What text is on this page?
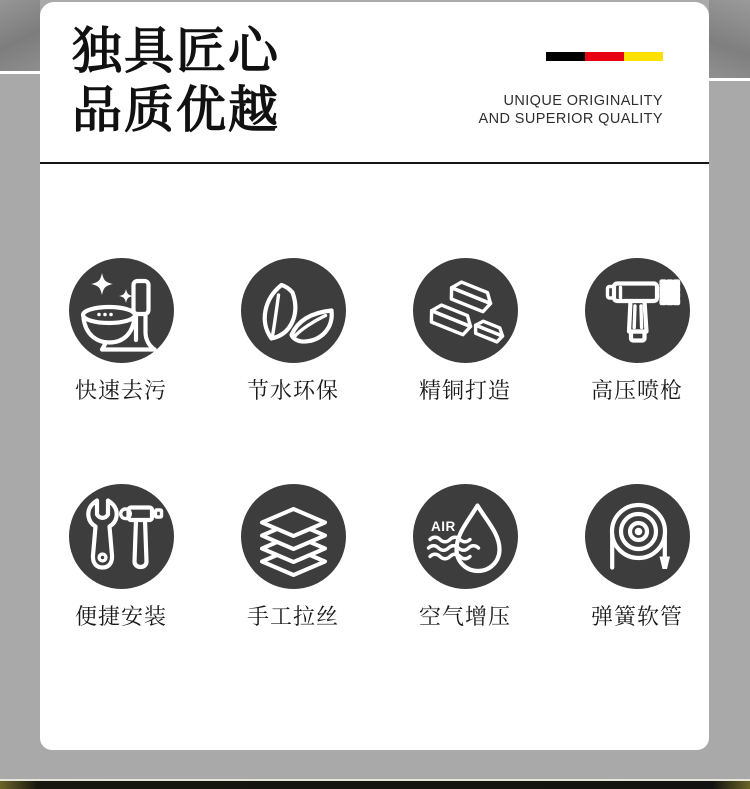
独具匠心
品质优越	UNIQUE ORIGINALITY
AND SUPERIOR QUALITY
快速去污	节水环保	精铜打造	高压喷枪
便捷安装	手工拉丝
AIR
空气增压	弹簧软管
